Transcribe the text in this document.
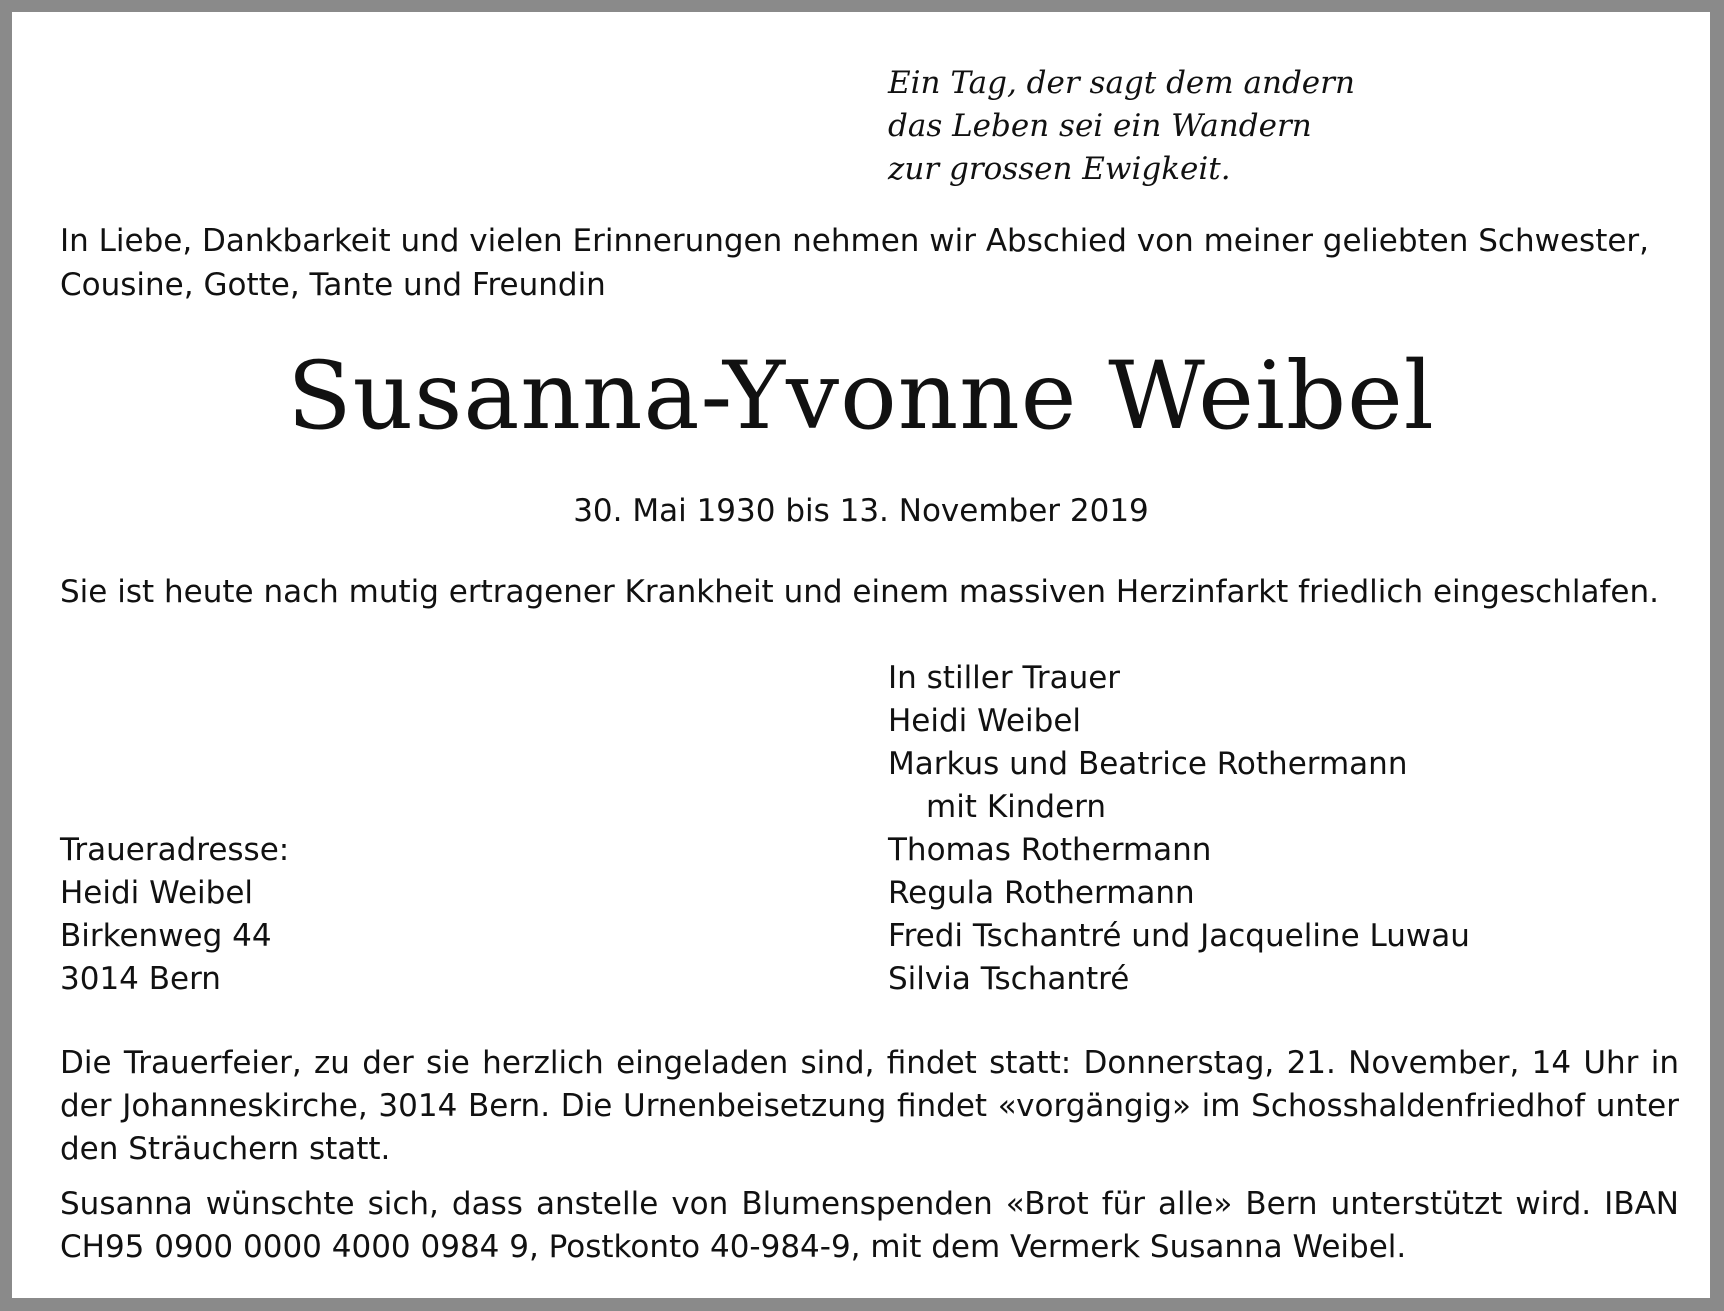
Ein Tag, der sagt dem andern
das Leben sei ein Wandern
zur grossen Ewigkeit.

In Liebe, Dankbarkeit und vielen Erinnerungen nehmen wir Abschied von meiner geliebten Schwester, Cousine, Gotte, Tante und Freundin

Susanna-Yvonne Weibel

30. Mai 1930 bis 13. November 2019

Sie ist heute nach mutig ertragener Krankheit und einem massiven Herzinfarkt friedlich eingeschlafen.

In stiller Trauer
Heidi Weibel
Markus und Beatrice Rothermann
mit Kindern
Thomas Rothermann
Regula Rothermann
Fredi Tschantré und Jacqueline Luwau
Silvia Tschantré
Traueradresse:
Heidi Weibel
Birkenweg 44
3014 Bern

Die Trauerfeier, zu der sie herzlich eingeladen sind, findet statt: Donnerstag, 21. November, 14 Uhr in der Johanneskirche, 3014 Bern. Die Urnenbeisetzung findet «vorgängig» im Schosshaldenfriedhof unter den Sträuchern statt.

Susanna wünschte sich, dass anstelle von Blumenspenden «Brot für alle» Bern unterstützt wird. IBAN CH95 0900 0000 4000 0984 9, Postkonto 40-984-9, mit dem Vermerk Susanna Weibel.
